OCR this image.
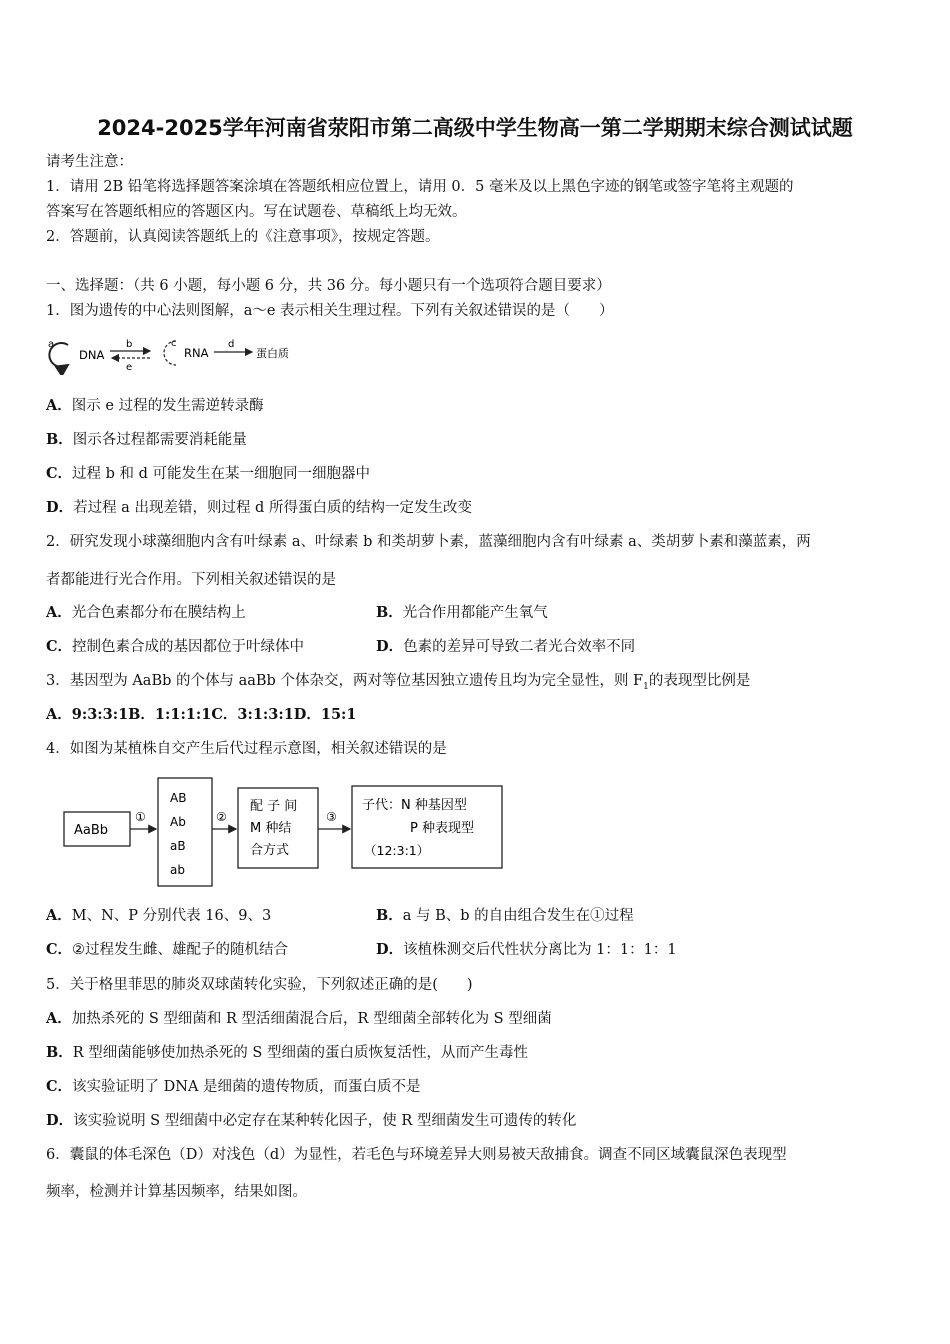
2024-2025学年河南省荥阳市第二高级中学生物高一第二学期期末综合测试试题
请考生注意：
1．请用 2B 铅笔将选择题答案涂填在答题纸相应位置上，请用 0．5 毫米及以上黑色字迹的钢笔或签字笔将主观题的
答案写在答题纸相应的答题区内。写在试题卷、草稿纸上均无效。
2．答题前，认真阅读答题纸上的《注意事项》，按规定答题。
一、选择题：（共 6 小题，每小题 6 分，共 36 分。每小题只有一个选项符合题目要求）
1．图为遗传的中心法则图解，a～e 表示相关生理过程。下列有关叙述错误的是（　　）
a
DNA
b
e
c
RNA
d
蛋白质
A．图示 e 过程的发生需逆转录酶
B．图示各过程都需要消耗能量
C．过程 b 和 d 可能发生在某一细胞同一细胞器中
D．若过程 a 出现差错，则过程 d 所得蛋白质的结构一定发生改变
2．研究发现小球藻细胞内含有叶绿素 a、叶绿素 b 和类胡萝卜素，蓝藻细胞内含有叶绿素 a、类胡萝卜素和藻蓝素，两
者都能进行光合作用。下列相关叙述错误的是
A．光合色素都分布在膜结构上	B．光合作用都能产生氧气
C．控制色素合成的基因都位于叶绿体中	D．色素的差异可导致二者光合效率不同
3．基因型为 AaBb 的个体与 aaBb 个体杂交，两对等位基因独立遗传且均为完全显性，则 $F_1$的表现型比例是
A．9:3:3:1B．1:1:1:1C．3:1:3:1D．15:1
4．如图为某植株自交产生后代过程示意图，相关叙述错误的是
AaBb
①
AB
Ab
aB
ab
②
配 子 间
M 种结
合方式
③
子代：N 种基因型
P 种表现型
（12:3:1）
A．M、N、P 分别代表 16、9、3	B．a 与 B、b 的自由组合发生在①过程
C．②过程发生雌、雄配子的随机结合	D．该植株测交后代性状分离比为 1：1：1：1
5．关于格里菲思的肺炎双球菌转化实验，下列叙述正确的是(　　)
A．加热杀死的 S 型细菌和 R 型活细菌混合后，R 型细菌全部转化为 S 型细菌
B．R 型细菌能够使加热杀死的 S 型细菌的蛋白质恢复活性，从而产生毒性
C．该实验证明了 DNA 是细菌的遗传物质，而蛋白质不是
D．该实验说明 S 型细菌中必定存在某种转化因子，使 R 型细菌发生可遗传的转化
6．囊鼠的体毛深色（D）对浅色（d）为显性，若毛色与环境差异大则易被天敌捕食。调查不同区域囊鼠深色表现型
频率，检测并计算基因频率，结果如图。
